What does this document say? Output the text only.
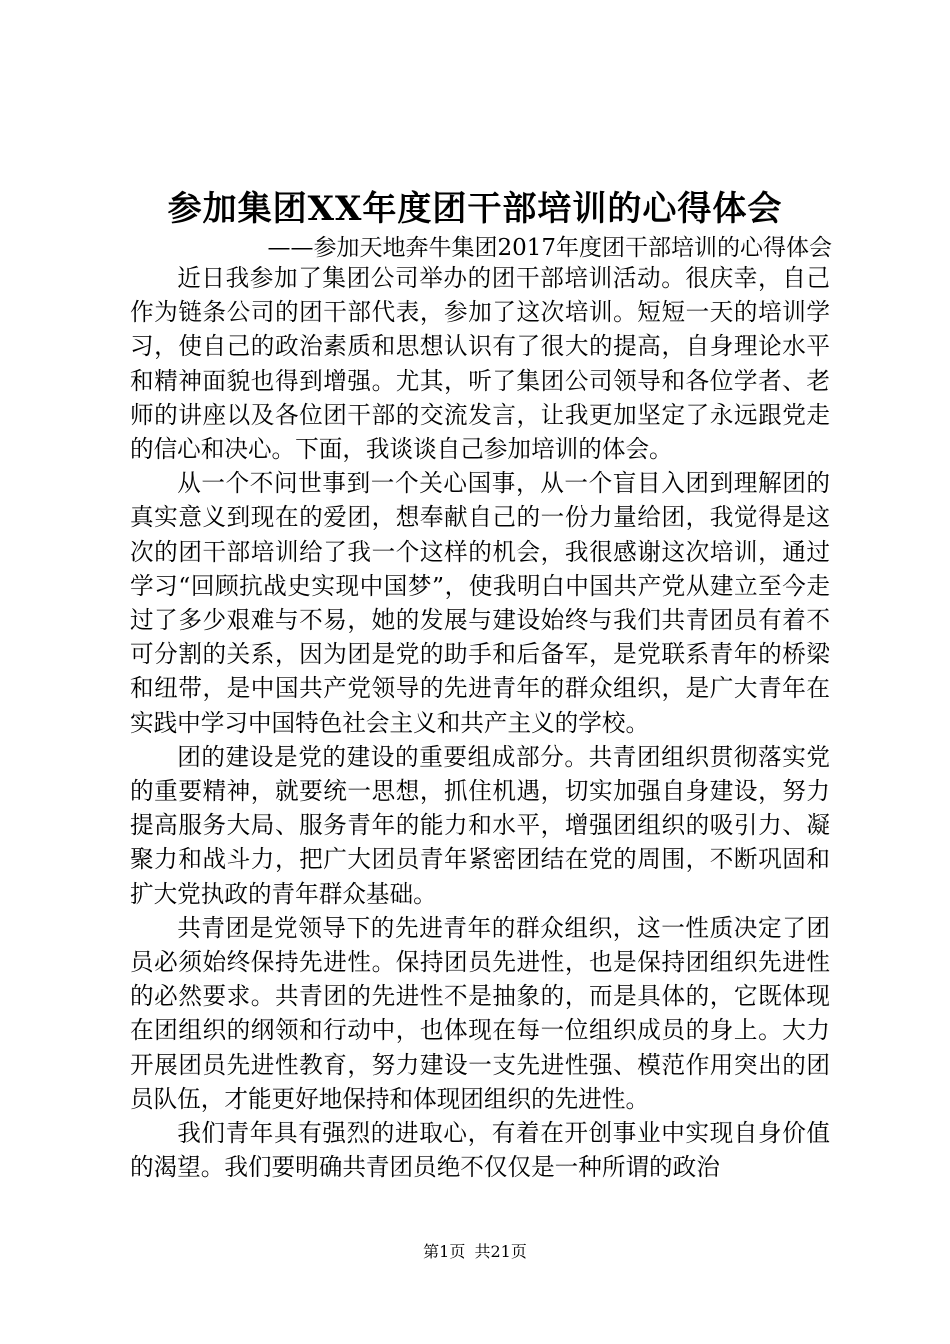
参加集团XX年度团干部培训的心得体会
——参加天地奔牛集团2017年度团干部培训的心得体会

近日我参加了集团公司举办的团干部培训活动。很庆幸，自己作为链条公司的团干部代表，参加了这次培训。短短一天的培训学习，使自己的政治素质和思想认识有了很大的提高，自身理论水平和精神面貌也得到增强。尤其，听了集团公司领导和各位学者、老师的讲座以及各位团干部的交流发言，让我更加坚定了永远跟党走的信心和决心。下面，我谈谈自己参加培训的体会。

从一个不问世事到一个关心国事，从一个盲目入团到理解团的真实意义到现在的爱团，想奉献自己的一份力量给团，我觉得是这次的团干部培训给了我一个这样的机会，我很感谢这次培训，通过学习“回顾抗战史实现中国梦”，使我明白中国共产党从建立至今走过了多少艰难与不易，她的发展与建设始终与我们共青团员有着不可分割的关系，因为团是党的助手和后备军，是党联系青年的桥梁和纽带，是中国共产党领导的先进青年的群众组织，是广大青年在实践中学习中国特色社会主义和共产主义的学校。

团的建设是党的建设的重要组成部分。共青团组织贯彻落实党的重要精神，就要统一思想，抓住机遇，切实加强自身建设，努力提高服务大局、服务青年的能力和水平，增强团组织的吸引力、凝聚力和战斗力，把广大团员青年紧密团结在党的周围，不断巩固和扩大党执政的青年群众基础。

共青团是党领导下的先进青年的群众组织，这一性质决定了团员必须始终保持先进性。保持团员先进性，也是保持团组织先进性的必然要求。共青团的先进性不是抽象的，而是具体的，它既体现在团组织的纲领和行动中，也体现在每一位组织成员的身上。大力开展团员先进性教育，努力建设一支先进性强、模范作用突出的团员队伍，才能更好地保持和体现团组织的先进性。

我们青年具有强烈的进取心，有着在开创事业中实现自身价值的渴望。我们要明确共青团员绝不仅仅是一种所谓的政治

第1页 共21页
